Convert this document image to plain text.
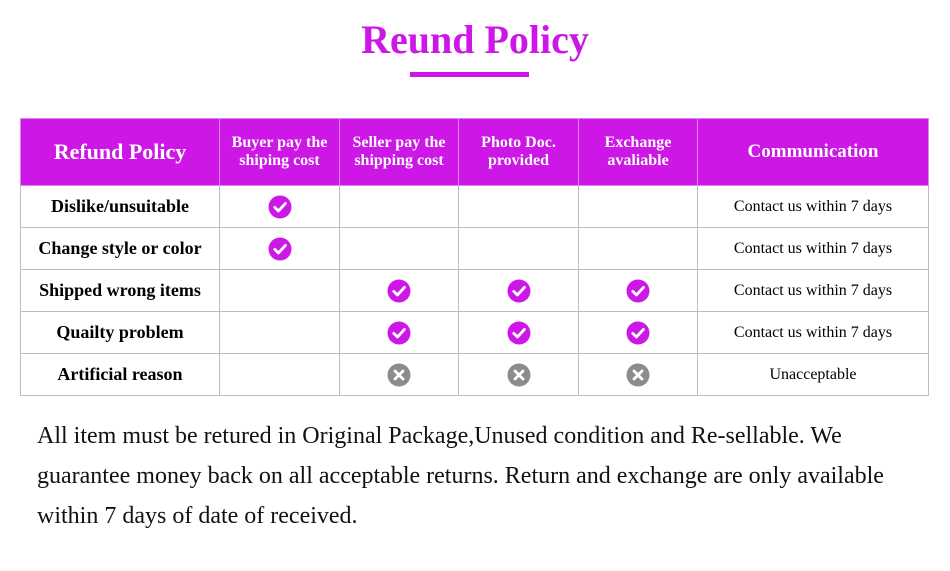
Reund Policy
Refund Policy	Buyer pay the shiping cost	Seller pay the shipping cost	Photo Doc. provided	Exchange avaliable	Communication
Dislike/unsuitable					Contact us within 7 days
Change style or color					Contact us within 7 days
Shipped wrong items					Contact us within 7 days
Quailty problem					Contact us within 7 days
Artificial reason					Unacceptable
All item must be retured in Original Package,Unused condition and Re-sellable. We guarantee money back on all acceptable returns. Return and exchange are only available within 7 days of date of received.
